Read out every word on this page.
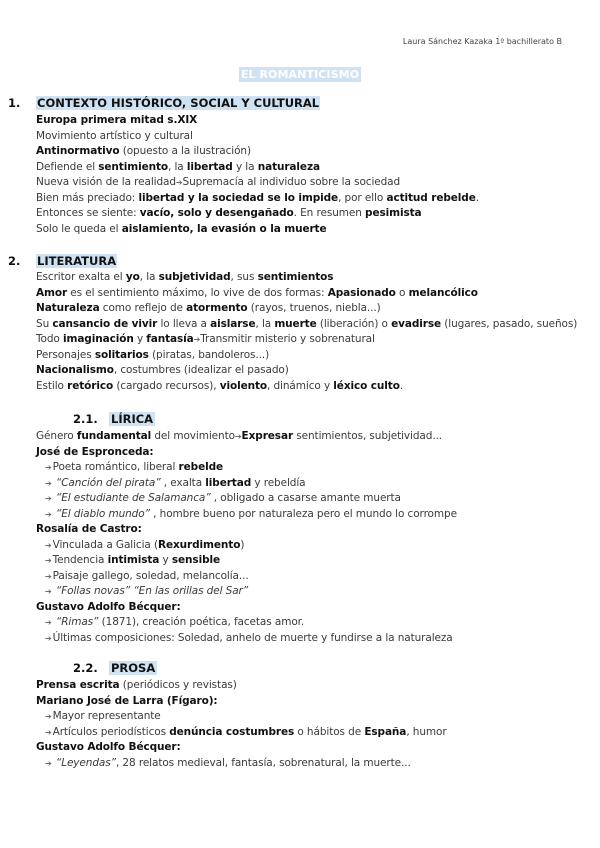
Laura Sánchez Kazaka 1º bachillerato B
EL ROMANTICISMO
1. CONTEXTO HISTÓRICO, SOCIAL Y CULTURAL
Europa primera mitad s.XIX
Movimiento artístico y cultural
Antinormativo (opuesto a la ilustración)
Defiende el sentimiento, la libertad y la naturaleza
Nueva visión de la realidad➔Supremacía al individuo sobre la sociedad
Bien más preciado: libertad y la sociedad se lo impide, por ello actitud rebelde.
Entonces se siente: vacío, solo y desengañado. En resumen pesimista
Solo le queda el aislamiento, la evasión o la muerte
2. LITERATURA
Escritor exalta el yo, la subjetividad, sus sentimientos
Amor es el sentimiento máximo, lo vive de dos formas: Apasionado o melancólico
Naturaleza como reflejo de atormento (rayos, truenos, niebla...)
Su cansancio de vivir lo lleva a aislarse, la muerte (liberación) o evadirse (lugares, pasado, sueños)
Todo imaginación y fantasía➔Transmitir misterio y sobrenatural
Personajes solitarios (piratas, bandoleros...)
Nacionalismo, costumbres (idealizar el pasado)
Estilo retórico (cargado recursos), violento, dinámico y léxico culto.
2.1. LÍRICA
Género fundamental del movimiento➔Expresar sentimientos, subjetividad...
José de Espronceda:
➔Poeta romántico, liberal rebelde
➔ “Canción del pirata” , exalta libertad y rebeldía
➔ “El estudiante de Salamanca” , obligado a casarse amante muerta
➔ “El diablo mundo” , hombre bueno por naturaleza pero el mundo lo corrompe
Rosalía de Castro:
➔Vinculada a Galicia (Rexurdimento)
➔Tendencia intimista y sensible
➔Paisaje gallego, soledad, melancolía...
➔ “Follas novas” “En las orillas del Sar”
Gustavo Adolfo Bécquer:
➔ “Rimas” (1871), creación poética, facetas amor.
➔Últimas composiciones: Soledad, anhelo de muerte y fundirse a la naturaleza
2.2. PROSA
Prensa escrita (periódicos y revistas)
Mariano José de Larra (Fígaro):
➔Mayor representante
➔Artículos periodísticos denúncia costumbres o hábitos de España, humor
Gustavo Adolfo Bécquer:
➔ “Leyendas”, 28 relatos medieval, fantasía, sobrenatural, la muerte...
